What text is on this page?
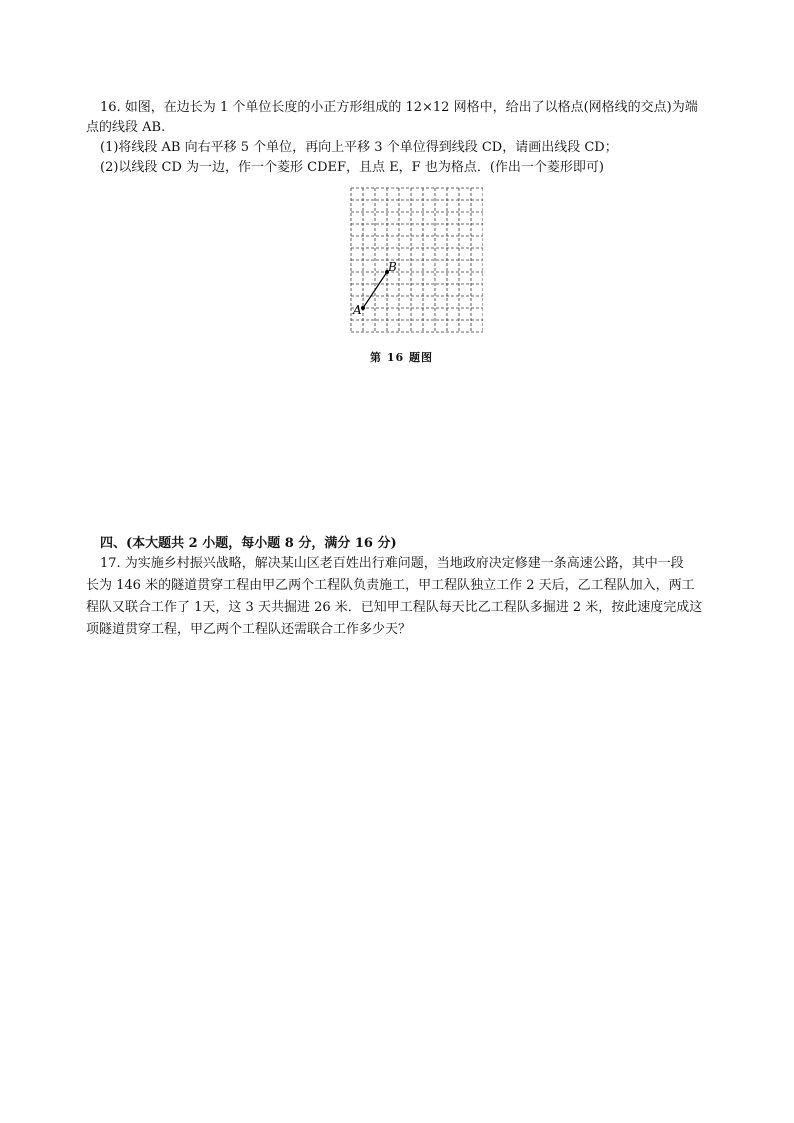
16. 如图，在边长为 1 个单位长度的小正方形组成的 12×12 网格中，给出了以格点(网格线的交点)为端
点的线段 AB.
(1)将线段 AB 向右平移 5 个单位，再向上平移 3 个单位得到线段 CD，请画出线段 CD；
(2)以线段 CD 为一边，作一个菱形 CDEF，且点 E，F 也为格点．(作出一个菱形即可)
A
B
第 16 题图
四、(本大题共 2 小题，每小题 8 分，满分 16 分)
17. 为实施乡村振兴战略，解决某山区老百姓出行难问题，当地政府决定修建一条高速公路，其中一段
长为 146 米的隧道贯穿工程由甲乙两个工程队负责施工，甲工程队独立工作 2 天后，乙工程队加入，两工
程队又联合工作了 1天，这 3 天共掘进 26 米．已知甲工程队每天比乙工程队多掘进 2 米，按此速度完成这
项隧道贯穿工程，甲乙两个工程队还需联合工作多少天？
